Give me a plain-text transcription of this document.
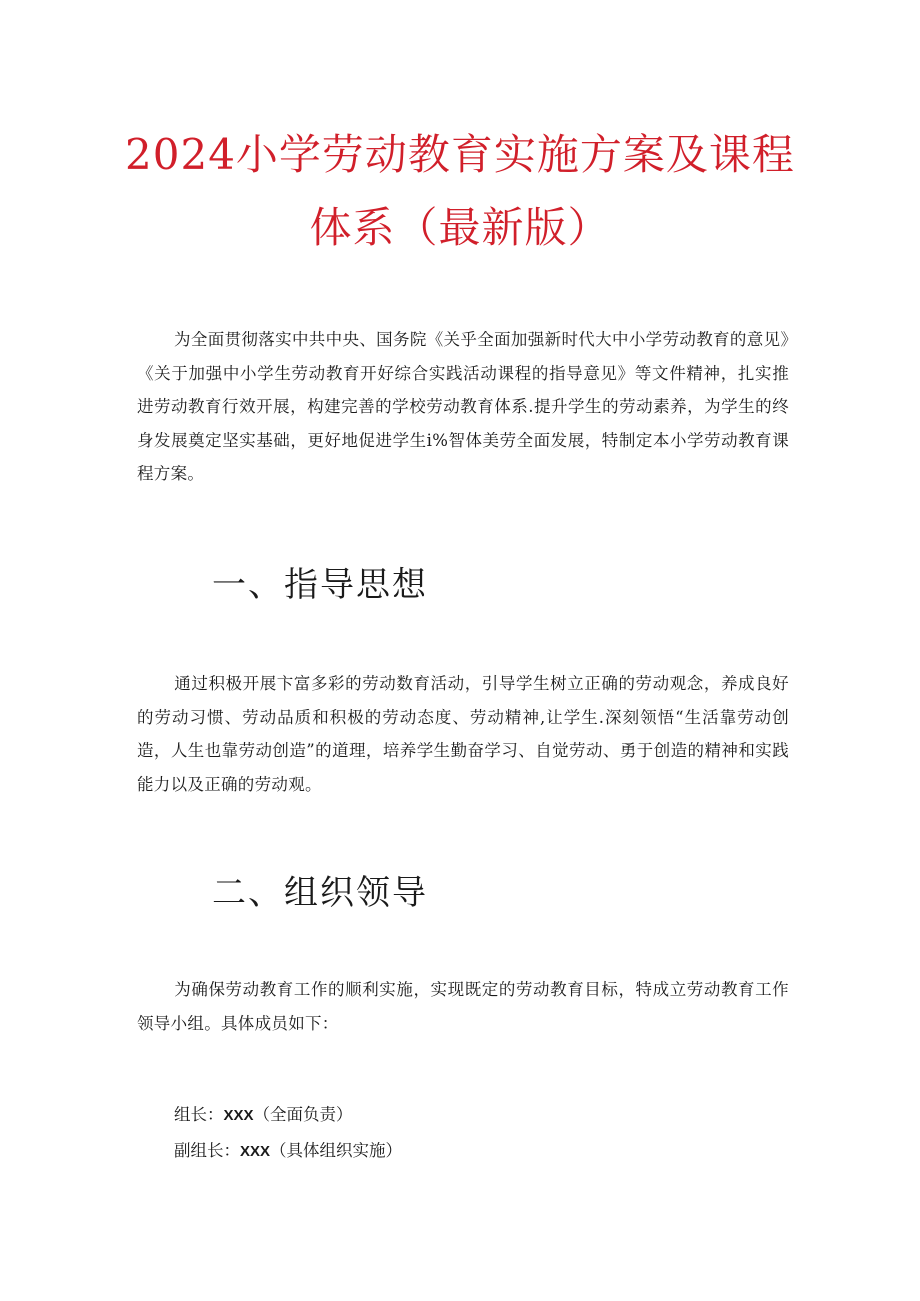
2024小学劳动教育实施方案及课程
体系（最新版）

为全面贯彻落实中共中央、国务院《关乎全面加强新时代大中小学劳动教育的意见》《关于加强中小学生劳动教育开好综合实践活动课程的指导意见》等文件精神，扎实推进劳动教育行效开展，构建完善的学校劳动教育体系.提升学生的劳动素养，为学生的终身发展奠定坚实基础，更好地促进学生i%智体美劳全面发展，特制定本小学劳动教育课程方案。

一、指导思想

通过积极开展卞富多彩的劳动数育活动，引导学生树立正确的劳动观念，养成良好的劳动习惯、劳动品质和积极的劳动态度、劳动精神,让学生.深刻领悟“生活靠劳动创造，人生也靠劳动创造”的道理，培养学生勤奋学习、自觉劳动、勇于创造的精神和实践能力以及正确的劳动观。

二、组织领导

为确保劳动教育工作的顺利实施，实现既定的劳动教育目标，特成立劳动教育工作领导小组。具体成员如下：

组长：XXX（全面负责）

副组长：XXX（具体组织实施）
